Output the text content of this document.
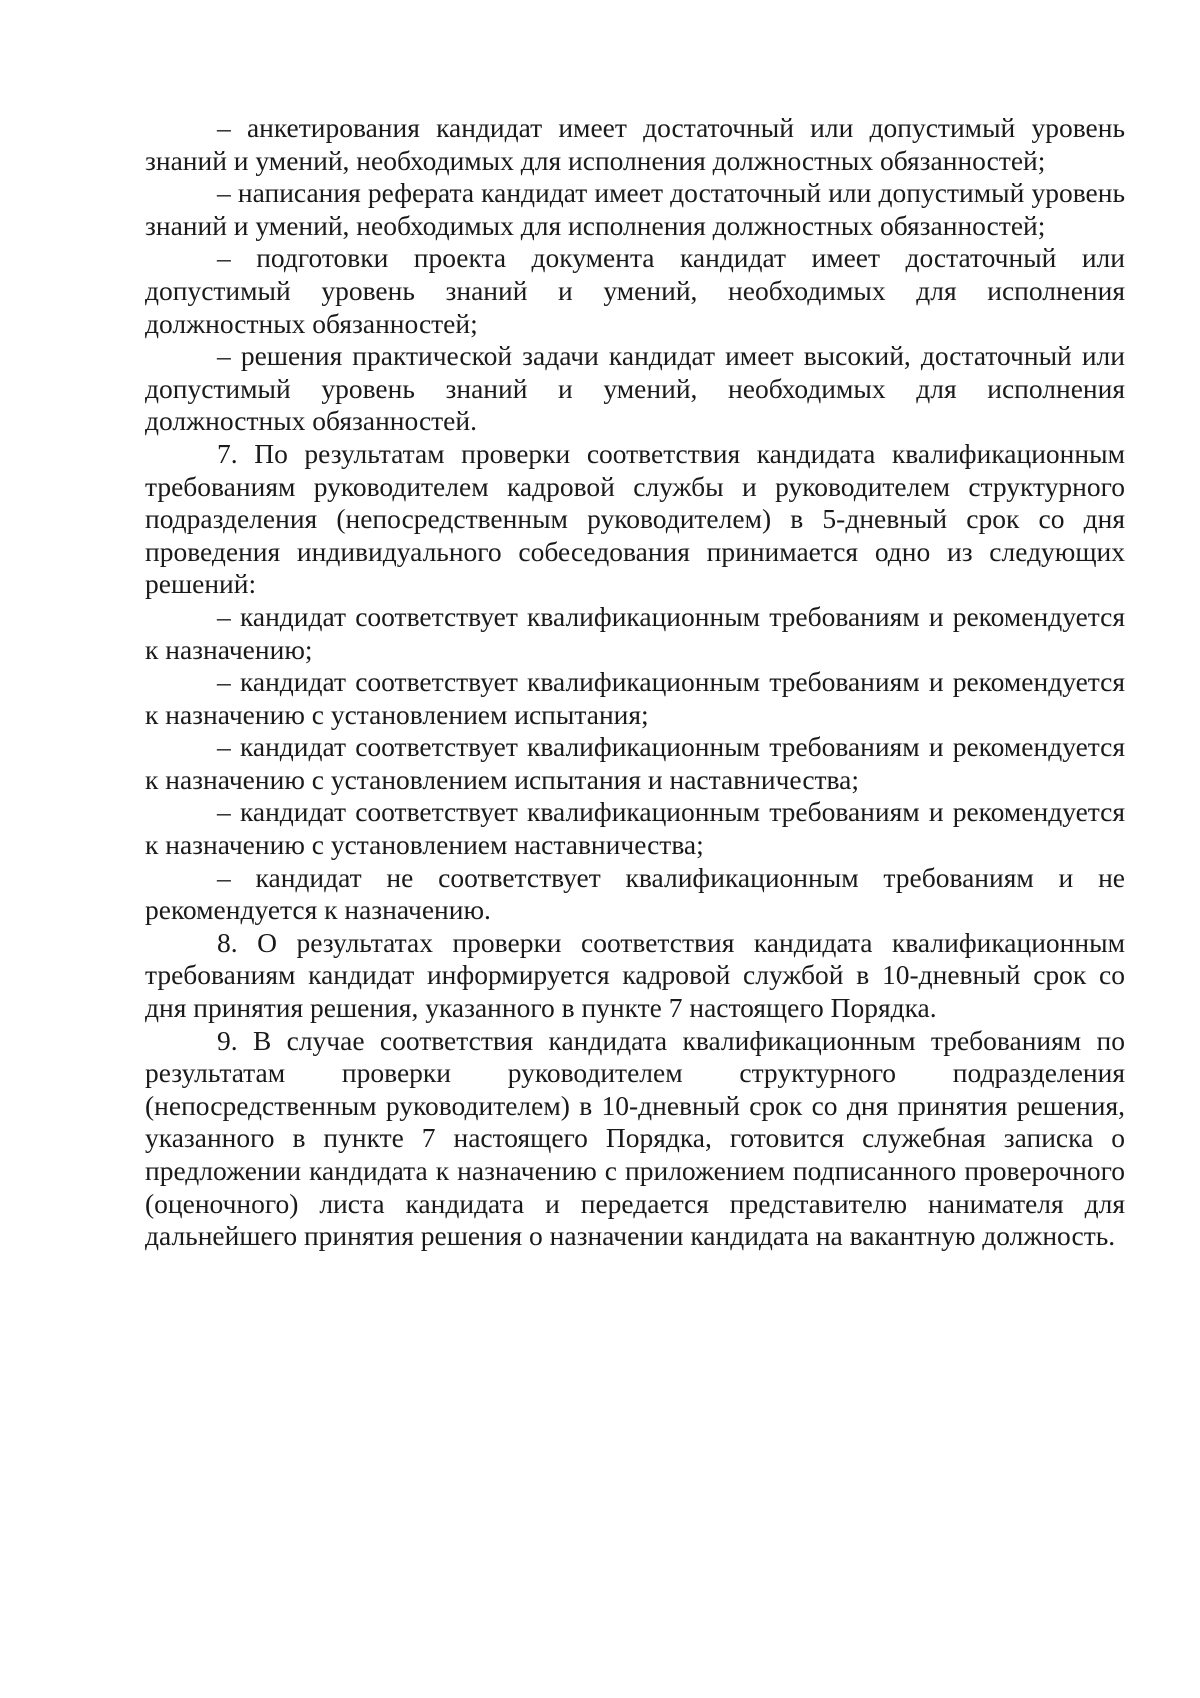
– анкетирования кандидат имеет достаточный или допустимый уровень знаний и умений, необходимых для исполнения должностных обязанностей;

– написания реферата кандидат имеет достаточный или допустимый уровень знаний и умений, необходимых для исполнения должностных обязанностей;

– подготовки проекта документа кандидат имеет достаточный или допустимый уровень знаний и умений, необходимых для исполнения должностных обязанностей;

– решения практической задачи кандидат имеет высокий, достаточный или допустимый уровень знаний и умений, необходимых для исполнения должностных обязанностей.

7. По результатам проверки соответствия кандидата квалификационным требованиям руководителем кадровой службы и руководителем структурного подразделения (непосредственным руководителем) в 5-дневный срок со дня проведения индивидуального собеседования принимается одно из следующих решений:

– кандидат соответствует квалификационным требованиям и рекомендуется к назначению;

– кандидат соответствует квалификационным требованиям и рекомендуется к назначению с установлением испытания;

– кандидат соответствует квалификационным требованиям и рекомендуется к назначению с установлением испытания и наставничества;

– кандидат соответствует квалификационным требованиям и рекомендуется к назначению с установлением наставничества;

– кандидат не соответствует квалификационным требованиям и не рекомендуется к назначению.

8. О результатах проверки соответствия кандидата квалификационным требованиям кандидат информируется кадровой службой в 10-дневный срок со дня принятия решения, указанного в пункте 7 настоящего Порядка.

9. В случае соответствия кандидата квалификационным требованиям по результатам проверки руководителем структурного подразделения (непосредственным руководителем) в 10-дневный срок со дня принятия решения, указанного в пункте 7 настоящего Порядка, готовится служебная записка о предложении кандидата к назначению с приложением подписанного проверочного (оценочного) листа кандидата и передается представителю нанимателя для дальнейшего принятия решения о назначении кандидата на вакантную должность.
